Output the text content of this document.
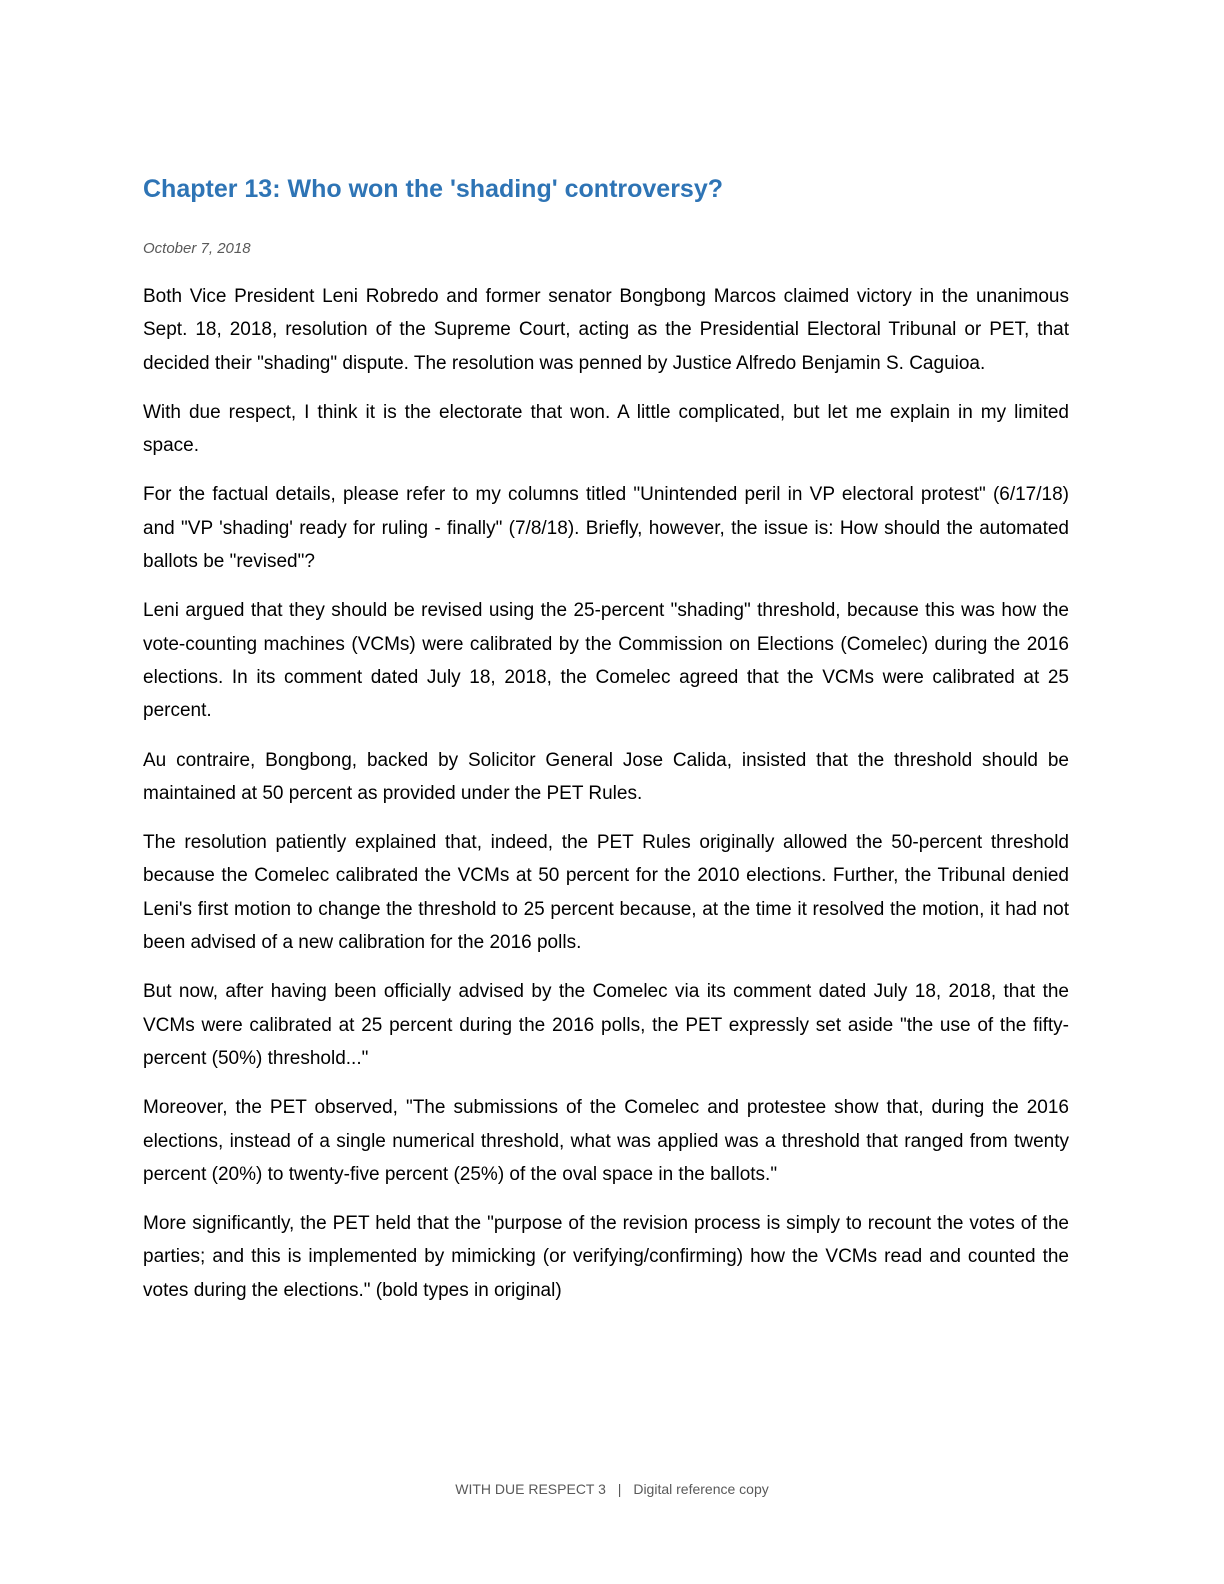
Chapter 13: Who won the 'shading' controversy?
October 7, 2018

Both Vice President Leni Robredo and former senator Bongbong Marcos claimed victory in the unanimous Sept. 18, 2018, resolution of the Supreme Court, acting as the Presidential Electoral Tribunal or PET, that decided their "shading" dispute. The resolution was penned by Justice Alfredo Benjamin S. Caguioa.

With due respect, I think it is the electorate that won. A little complicated, but let me explain in my limited space.

For the factual details, please refer to my columns titled "Unintended peril in VP electoral protest" (6/17/18) and "VP 'shading' ready for ruling - finally" (7/8/18). Briefly, however, the issue is: How should the automated ballots be "revised"?

Leni argued that they should be revised using the 25-percent "shading" threshold, because this was how the vote-counting machines (VCMs) were calibrated by the Commission on Elections (Comelec) during the 2016 elections. In its comment dated July 18, 2018, the Comelec agreed that the VCMs were calibrated at 25 percent.

Au contraire, Bongbong, backed by Solicitor General Jose Calida, insisted that the threshold should be maintained at 50 percent as provided under the PET Rules.

The resolution patiently explained that, indeed, the PET Rules originally allowed the 50-percent threshold because the Comelec calibrated the VCMs at 50 percent for the 2010 elections. Further, the Tribunal denied Leni's first motion to change the threshold to 25 percent because, at the time it resolved the motion, it had not been advised of a new calibration for the 2016 polls.

But now, after having been officially advised by the Comelec via its comment dated July 18, 2018, that the VCMs were calibrated at 25 percent during the 2016 polls, the PET expressly set aside "the use of the fifty-percent (50%) threshold..."

Moreover, the PET observed, "The submissions of the Comelec and protestee show that, during the 2016 elections, instead of a single numerical threshold, what was applied was a threshold that ranged from twenty percent (20%) to twenty-five percent (25%) of the oval space in the ballots."

More significantly, the PET held that the "purpose of the revision process is simply to recount the votes of the parties; and this is implemented by mimicking (or verifying/confirming) how the VCMs read and counted the votes during the elections." (bold types in original)

WITH DUE RESPECT 3 | Digital reference copy
